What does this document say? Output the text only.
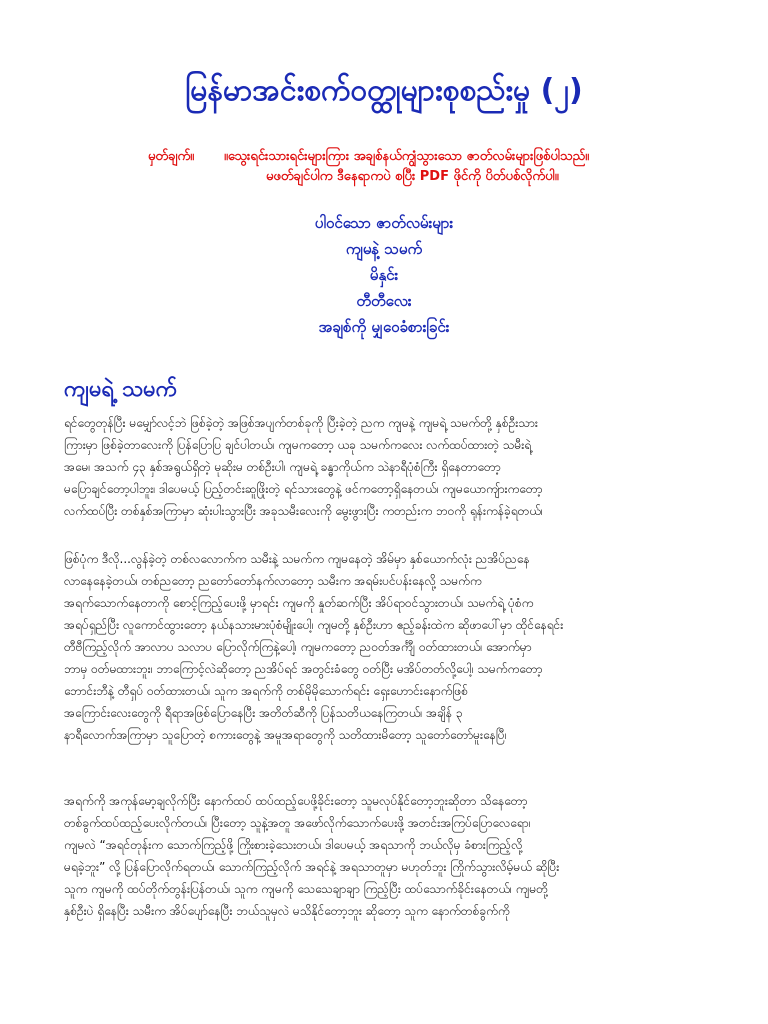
မြန်မာအင်းစက်ဝတ္ထုများစုစည်းမှု (၂)
မှတ်ချက်။ ။သွေးရင်းသားရင်းများကြား အချစ်နယ်ကျွံသွားသော ဇာတ်လမ်းများဖြစ်ပါသည်။
မဖတ်ချင်ပါက ဒီနေရာကပဲ စပြီး PDF ဖိုင်ကို ပိတ်ပစ်လိုက်ပါ။
ပါဝင်သော ဇာတ်လမ်းများ
ကျမနဲ့ သမက်
မိနှင်း
တီတီလေး
အချစ်ကို မျှဝေခံစားခြင်း
ကျမရဲ့ သမက်
ရင်တွေတုန်ပြီး မမျှော်လင့်ဘဲ ဖြစ်ခဲ့တဲ့ အဖြစ်အပျက်တစ်ခုကို ပြီးခဲ့တဲ့ ညက ကျမနဲ့ ကျမရဲ့ သမက်တို့ နှစ်ဦးသား
ကြားမှာ ဖြစ်ခဲ့တာလေးကို ပြန်ပြောပြ ချင်ပါတယ်၊ ကျမကတော့ ယခု သမက်ကလေး လက်ထပ်ထားတဲ့ သမီးရဲ့
အမေ၊ အသက် ၄၃ နှစ်အရွယ်ရှိတဲ့ မုဆိုးမ တစ်ဦးပါ၊ ကျမရဲ့ ခန္ဓာကိုယ်က သဲနာရီပုံစံကြီး ရှိနေတာတော့
မပြောချင်တော့ပါဘူး၊ ဒါပေမယ့် ပြည့်တင်းဆူဖြိုးတဲ့ ရင်သားတွေနဲ့ ဖင်ကတော့ရှိနေတယ်၊ ကျမယောကျ်ားကတော့
လက်ထပ်ပြီး တစ်နှစ်အကြာမှာ ဆုံးပါးသွားပြီး အခုသမီးလေးကို မွေးဖွားပြီး ကတည်းက ဘဝကို ရုန်းကန်ခဲ့ရတယ်၊
ဖြစ်ပုံက ဒီလို...လွန်ခဲ့တဲ့ တစ်လလောက်က သမီးနဲ့ သမက်က ကျမနေတဲ့ အိမ်မှာ နှစ်ယောက်လုံး ညအိပ်ညနေ
လာနေနေခဲ့တယ်၊ တစ်ညတော့ ညတော်တော်နက်လာတော့ သမီးက အရမ်းပင်ပန်းနေလို့ သမက်က
အရက်သောက်နေတာကို စောင့်ကြည့်ပေးဖို့ မှာရင်း ကျမကို နှုတ်ဆက်ပြီး အိပ်ရာဝင်သွားတယ်၊ သမက်ရဲ့ ပုံစံက
အရပ်ရှည်ပြီး လူကောင်ထွားတော့ နယ်နသားမားပုံစံမျိုးပေါ့၊ ကျမတို့ နှစ်ဦးဟာ ဧည့်ခန်းထဲက ဆိုဖာပေါ်မှာ ထိုင်နေရင်း
တီဗီကြည့်လိုက် အာလာပ သလာပ ပြောလိုက်ကြနဲ့ပေါ့၊ ကျမကတော့ ညဝတ်အင်္ကျီ ဝတ်ထားတယ်၊ အောက်မှာ
ဘာမှ ဝတ်မထားဘူး၊ ဘာကြောင့်လဲဆိုတော့ ညအိပ်ရင် အတွင်းခံတွေ ဝတ်ပြီး မအိပ်တတ်လို့ပေါ့၊ သမက်ကတော့
ဘောင်းဘီနဲ့ တီရှပ် ဝတ်ထားတယ်၊ သူက အရက်ကို တစ်မိုမိုသောက်ရင်း ရှေးဟောင်းနောက်ဖြစ်
အကြောင်းလေးတွေကို ရီရာအဖြစ်ပြောနေပြီး အတိတ်ဆီကို ပြန်သတိယနေကြတယ်၊ အချိန် ၃
နာရီလောက်အကြာမှာ သူပြောတဲ့ စကားတွေနဲ့ အမူအရာတွေကို သတိထားမိတော့ သူတော်တော်မူးနေပြီ၊
အရက်ကို အကုန်မော့ချလိုက်ပြီး နောက်ထပ် ထပ်ထည့်ပေဖို့ခိုင်းတော့ သူမလုပ်နိုင်တော့ဘူးဆိုတာ သိနေတော့
တစ်ခွက်ထပ်ထည့်ပေးလိုက်တယ်၊ ပြီးတော့ သူနဲ့အတူ အဖော်လိုက်သောက်ပေးဖို့ အတင်းအကြပ်ပြောလေရော၊
ကျမလဲ “အရင်တုန်းက သောက်ကြည့်ဖို့ ကြိုးစားခဲ့သေးတယ်၊ ဒါပေမယ့် အရသာကို ဘယ်လိုမှ ခံစားကြည့်လို့
မရခဲ့ဘူး” လို့ ပြန်ပြောလိုက်ရတယ်၊ သောက်ကြည့်လိုက် အရင်နဲ့ အရသာတူမှာ မဟုတ်ဘူး ကြိုက်သွားလိမ့်မယ် ဆိုပြီး
သူက ကျမကို ထပ်တိုက်တွန်းပြန်တယ်၊ သူက ကျမကို သေသေချာချာ ကြည့်ပြီး ထပ်သောက်ခိုင်းနေတယ်၊ ကျမတို့
နှစ်ဦးပဲ ရှိနေပြီး သမီးက အိပ်ပျော်နေပြီး ဘယ်သူမှလဲ မသိနိုင်တော့ဘူး ဆိုတော့ သူက နောက်တစ်ခွက်ကို
